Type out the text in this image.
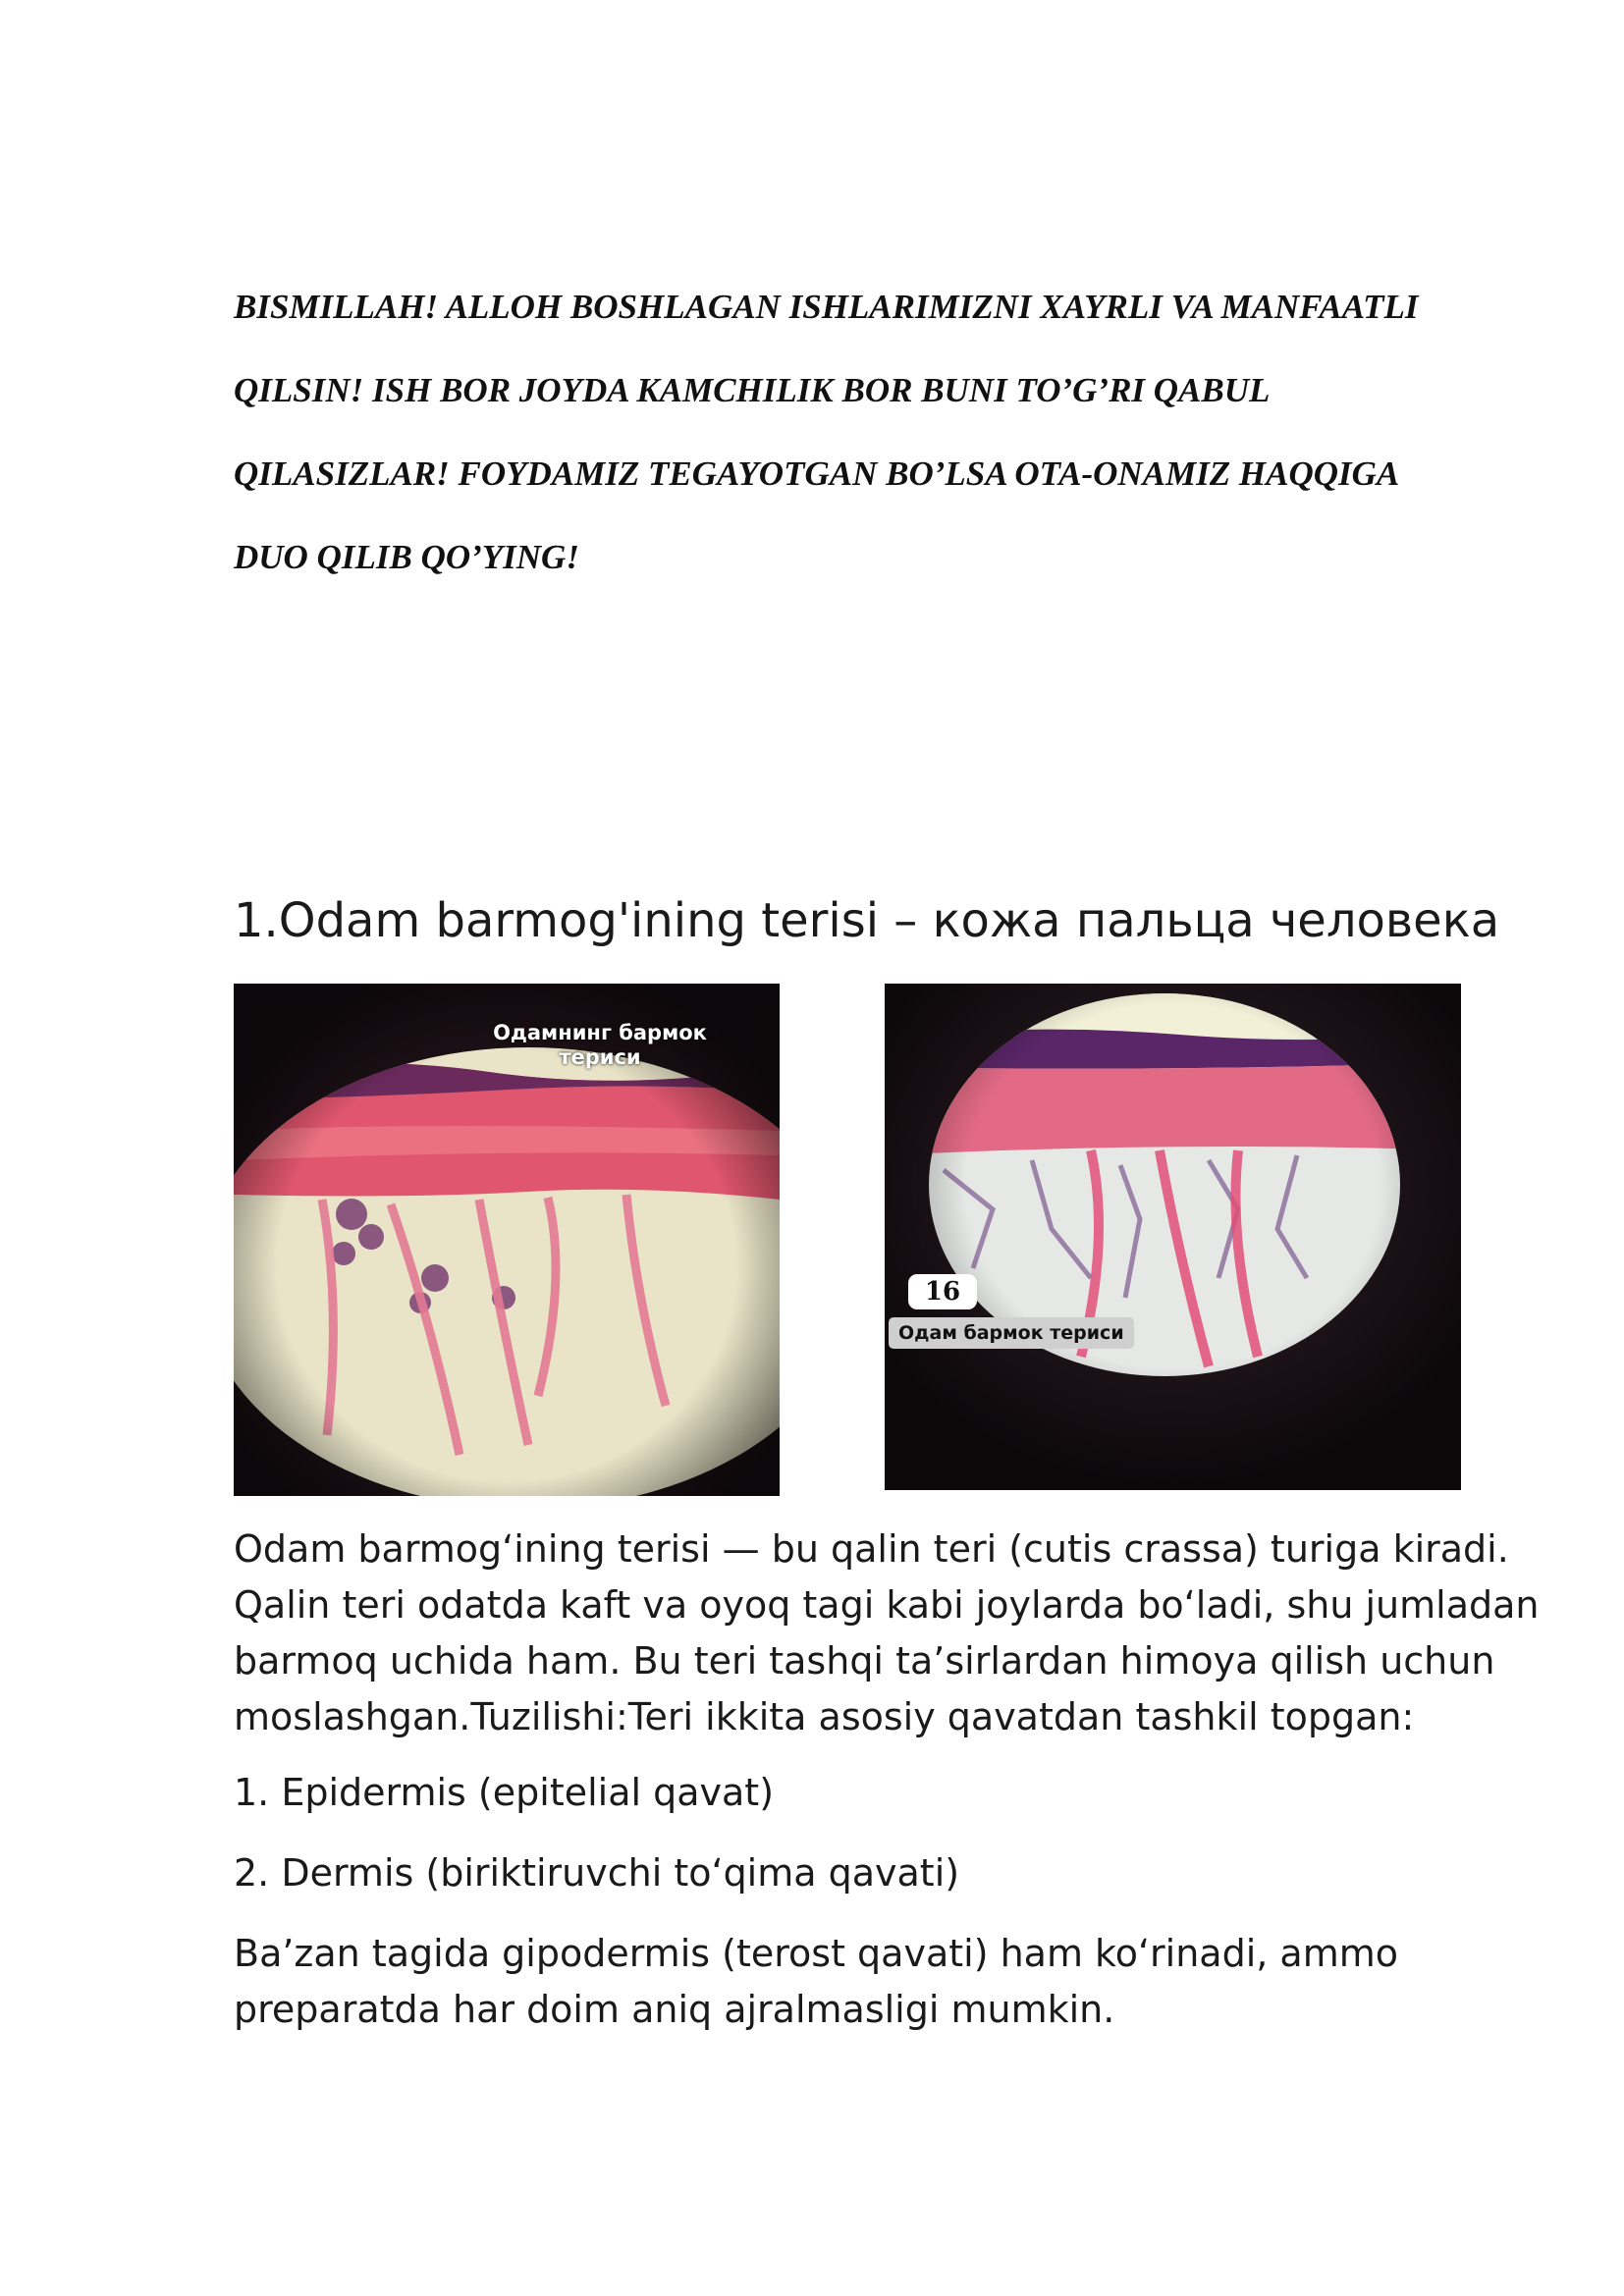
BISMILLAH! ALLOH BOSHLAGAN ISHLARIMIZNI XAYRLI VA MANFAATLI
QILSIN! ISH BOR JOYDA KAMCHILIK BOR BUNI TO’G’RI QABUL
QILASIZLAR! FOYDAMIZ TEGAYOTGAN BO’LSA OTA-ONAMIZ HAQQIGA
DUO QILIB QO’YING!
1.Odam barmog'ining terisi – кожа пальца человека
Одамнинг бармок
териси
16
Одам бармок териси
Odam barmog‘ining terisi — bu qalin teri (cutis crassa) turiga kiradi.
Qalin teri odatda kaft va oyoq tagi kabi joylarda bo‘ladi, shu jumladan
barmoq uchida ham. Bu teri tashqi ta’sirlardan himoya qilish uchun
moslashgan.Tuzilishi:Teri ikkita asosiy qavatdan tashkil topgan:

1. Epidermis (epitelial qavat)

2. Dermis (biriktiruvchi to‘qima qavati)

Ba’zan tagida gipodermis (terost qavati) ham ko‘rinadi, ammo
preparatda har doim aniq ajralmasligi mumkin.
